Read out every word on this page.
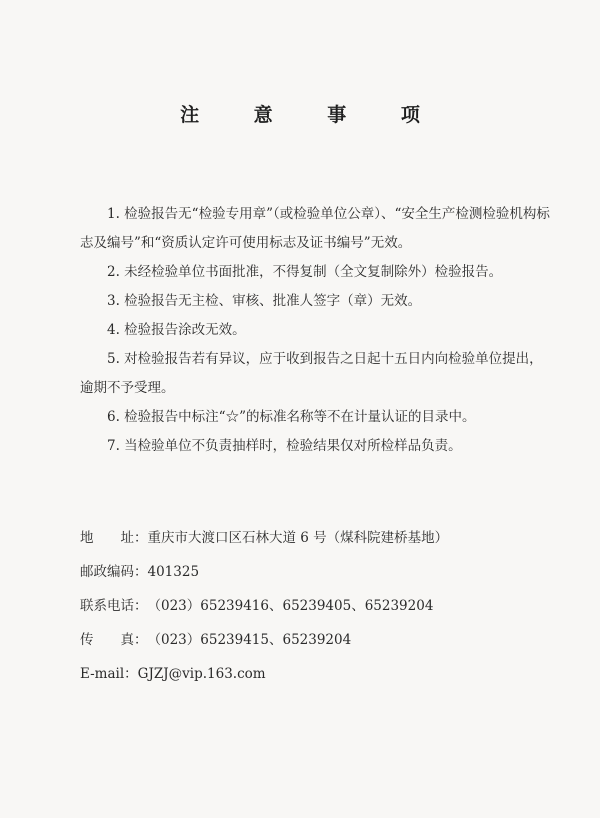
注 意 事 项

1. 检验报告无“检验专用章”（或检验单位公章）、“安全生产检测检验机构标志及编号”和“资质认定许可使用标志及证书编号”无效。

2. 未经检验单位书面批准，不得复制（全文复制除外）检验报告。

3. 检验报告无主检、审核、批准人签字（章）无效。

4. 检验报告涂改无效。

5. 对检验报告若有异议，应于收到报告之日起十五日内向检验单位提出，逾期不予受理。

6. 检验报告中标注“☆”的标准名称等不在计量认证的目录中。

7. 当检验单位不负责抽样时，检验结果仅对所检样品负责。

地　　址：重庆市大渡口区石林大道 6 号（煤科院建桥基地）
邮政编码：401325
联系电话：（023）65239416、65239405、65239204
传　　真：（023）65239415、65239204
E-mail：GJZJ@vip.163.com
